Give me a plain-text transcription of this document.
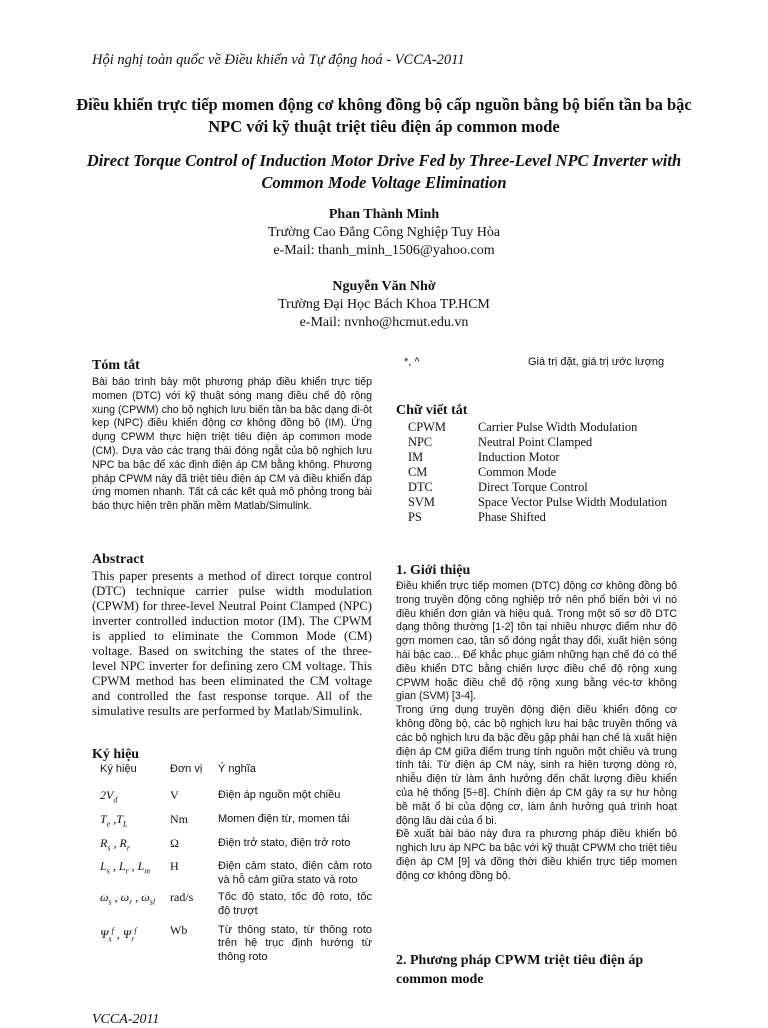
Hội nghị toàn quốc về Điều khiển và Tự động hoá - VCCA-2011
Điều khiển trực tiếp momen động cơ không đồng bộ cấp nguồn bằng bộ biến tần ba bậc NPC với kỹ thuật triệt tiêu điện áp common mode
Direct Torque Control of Induction Motor Drive Fed by Three-Level NPC Inverter with Common Mode Voltage Elimination
Phan Thành Minh
Trường Cao Đẳng Công Nghiệp Tuy Hòa
e-Mail: thanh_minh_1506@yahoo.com
Nguyễn Văn Nhờ
Trường Đại Học Bách Khoa TP.HCM
e-Mail: nvnho@hcmut.edu.vn
Tóm tắt
Bài báo trình bày một phương pháp điều khiển trực tiếp momen (DTC) với kỹ thuật sóng mang điều chế độ rộng xung (CPWM) cho bộ nghịch lưu biến tần ba bậc dạng đi-ôt kẹp (NPC) điều khiển động cơ không đồng bộ (IM). Ứng dụng CPWM thực hiện triệt tiêu điện áp common mode (CM). Dựa vào các trạng thái đóng ngắt của bộ nghịch lưu NPC ba bậc để xác định điện áp CM bằng không. Phương pháp CPWM này đã triệt tiêu điện áp CM và điều khiển đáp ứng momen nhanh. Tất cả các kết quả mô phỏng trong bài báo thực hiện trên phần mềm Matlab/Simulink.
Abstract
This paper presents a method of direct torque control (DTC) technique carrier pulse width modulation (CPWM) for three-level Neutral Point Clamped (NPC) inverter controlled induction motor (IM). The CPWM is applied to eliminate the Common Mode (CM) voltage. Based on switching the states of the three-level NPC inverter for defining zero CM voltage. This CPWM method has been eliminated the CM voltage and controlled the fast response torque. All of the simulative results are performed by Matlab/Simulink.
Ký hiệu
Ký hiệu	Đơn vị	Ý nghĩa
$2V_d$	V	Điện áp nguồn một chiều
$T_e$ $,T_L$	Nm	Momen điện từ, momen tải
$R_s$ , $R_r$	Ω	Điện trở stato, điện trở roto
$L_s$ , $L_r$ , $L_m$	H	Điện cảm stato, điện cảm roto và hỗ cảm giữa stato và roto
$\omega_s$ , $\omega_r$ , $\omega_{sl}$	rad/s	Tốc độ stato, tốc độ roto, tốc độ trượt
$\Psi_s^f$ , $\Psi_r^f$	Wb	Từ thông stato, từ thông roto trên hệ trục định hướng từ thông roto
*, ^	Giá trị đặt, giá trị ước lượng
Chữ viết tắt
CPWM	Carrier Pulse Width Modulation
NPC	Neutral Point Clamped
IM	Induction Motor
CM	Common Mode
DTC	Direct Torque Control
SVM	Space Vector Pulse Width Modulation
PS	Phase Shifted
1. Giới thiệu
Điều khiển trực tiếp momen (DTC) động cơ không đồng bộ trong truyền động công nghiệp trở nên phổ biến bởi vì nó điều khiển đơn giản và hiệu quả. Trong một số sơ đồ DTC dạng thông thường [1-2] tồn tại nhiều nhược điểm như độ gợn momen cao, tần số đóng ngắt thay đổi, xuất hiện sóng hài bậc cao... Để khắc phục giảm những hạn chế đó có thể điều khiển DTC bằng chiến lược điều chế độ rộng xung CPWM hoặc điều chế độ rộng xung bằng véc-tơ không gian (SVM) [3-4].
Trong ứng dụng truyền động điện điều khiển động cơ không đồng bộ, các bộ nghịch lưu hai bậc truyền thống và các bộ nghịch lưu đa bậc đều gặp phải hạn chế là xuất hiện điện áp CM giữa điểm trung tính nguồn một chiều và trung tính tải. Từ điện áp CM này, sinh ra hiện tượng dòng rò, nhiễu điện từ làm ảnh hưởng đến chất lượng điều khiển của hệ thống [5÷8]. Chính điện áp CM gây ra sự hư hỏng bề mặt ổ bi của động cơ, làm ảnh hưởng quá trình hoạt động lâu dài của ổ bi.
Đề xuất bài báo này đưa ra phương pháp điều khiển bộ nghịch lưu áp NPC ba bậc với kỹ thuật CPWM cho triệt tiêu điện áp CM [9] và đồng thời điều khiển trực tiếp momen động cơ không đồng bộ.
2. Phương pháp CPWM triệt tiêu điện áp common mode
VCCA-2011
